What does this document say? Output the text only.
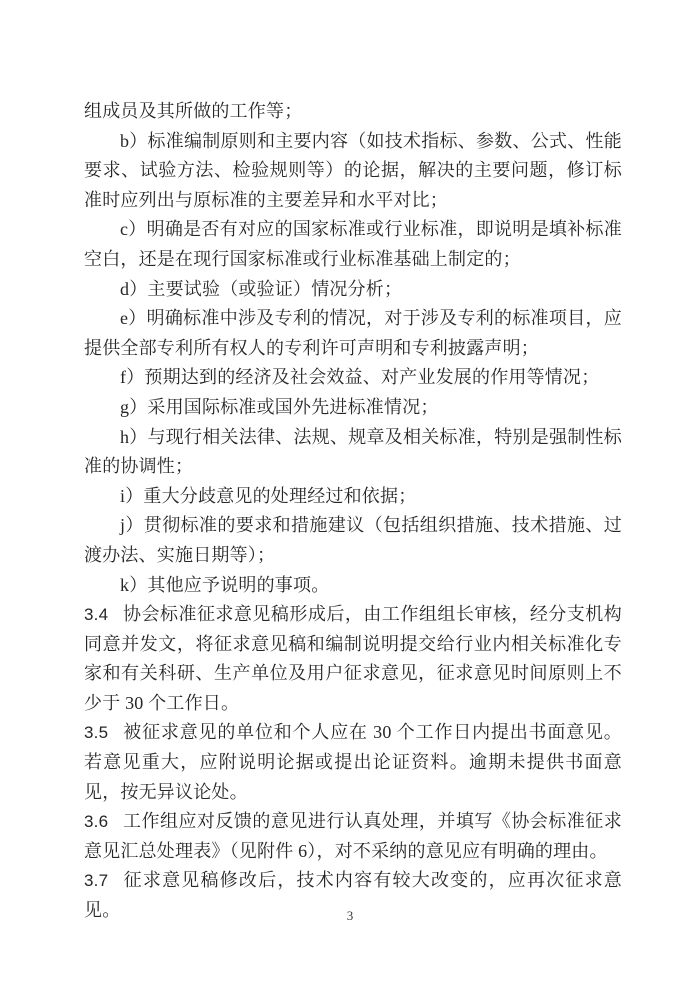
组成员及其所做的工作等；

b）标准编制原则和主要内容（如技术指标、参数、公式、性能要求、试验方法、检验规则等）的论据，解决的主要问题，修订标准时应列出与原标准的主要差异和水平对比；

c）明确是否有对应的国家标准或行业标准，即说明是填补标准空白，还是在现行国家标准或行业标准基础上制定的；

d）主要试验（或验证）情况分析；

e）明确标准中涉及专利的情况，对于涉及专利的标准项目，应提供全部专利所有权人的专利许可声明和专利披露声明；

f）预期达到的经济及社会效益、对产业发展的作用等情况；

g）采用国际标准或国外先进标准情况；

h）与现行相关法律、法规、规章及相关标准，特别是强制性标准的协调性；

i）重大分歧意见的处理经过和依据；

j）贯彻标准的要求和措施建议（包括组织措施、技术措施、过渡办法、实施日期等）；

k）其他应予说明的事项。

3.4 协会标准征求意见稿形成后，由工作组组长审核，经分支机构同意并发文，将征求意见稿和编制说明提交给行业内相关标准化专家和有关科研、生产单位及用户征求意见，征求意见时间原则上不少于 30 个工作日。

3.5 被征求意见的单位和个人应在 30 个工作日内提出书面意见。若意见重大，应附说明论据或提出论证资料。逾期未提供书面意见，按无异议论处。

3.6 工作组应对反馈的意见进行认真处理，并填写《协会标准征求意见汇总处理表》（见附件 6），对不采纳的意见应有明确的理由。

3.7 征求意见稿修改后，技术内容有较大改变的，应再次征求意见。	3
